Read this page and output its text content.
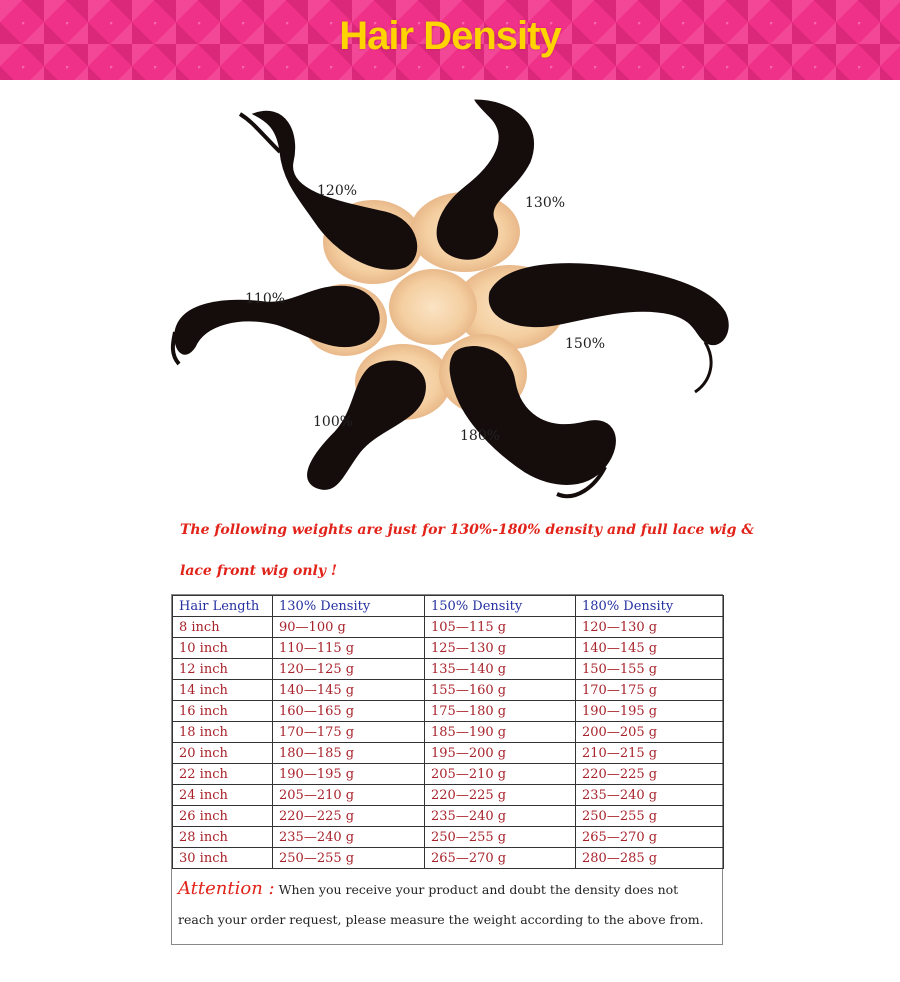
Hair Density
120%
130%
110%
150%
100%
180%
The following weights are just for 130%-180% density and full lace wig &
lace front wig only !
Hair Length	130% Density	150% Density	180% Density
8 inch	90—100 g	105—115 g	120—130 g
10 inch	110—115 g	125—130 g	140—145 g
12 inch	120—125 g	135—140 g	150—155 g
14 inch	140—145 g	155—160 g	170—175 g
16 inch	160—165 g	175—180 g	190—195 g
18 inch	170—175 g	185—190 g	200—205 g
20 inch	180—185 g	195—200 g	210—215 g
22 inch	190—195 g	205—210 g	220—225 g
24 inch	205—210 g	220—225 g	235—240 g
26 inch	220—225 g	235—240 g	250—255 g
28 inch	235—240 g	250—255 g	265—270 g
30 inch	250—255 g	265—270 g	280—285 g
Attention : When you receive your product and doubt the density does not reach your order request, please measure the weight according to the above from.
